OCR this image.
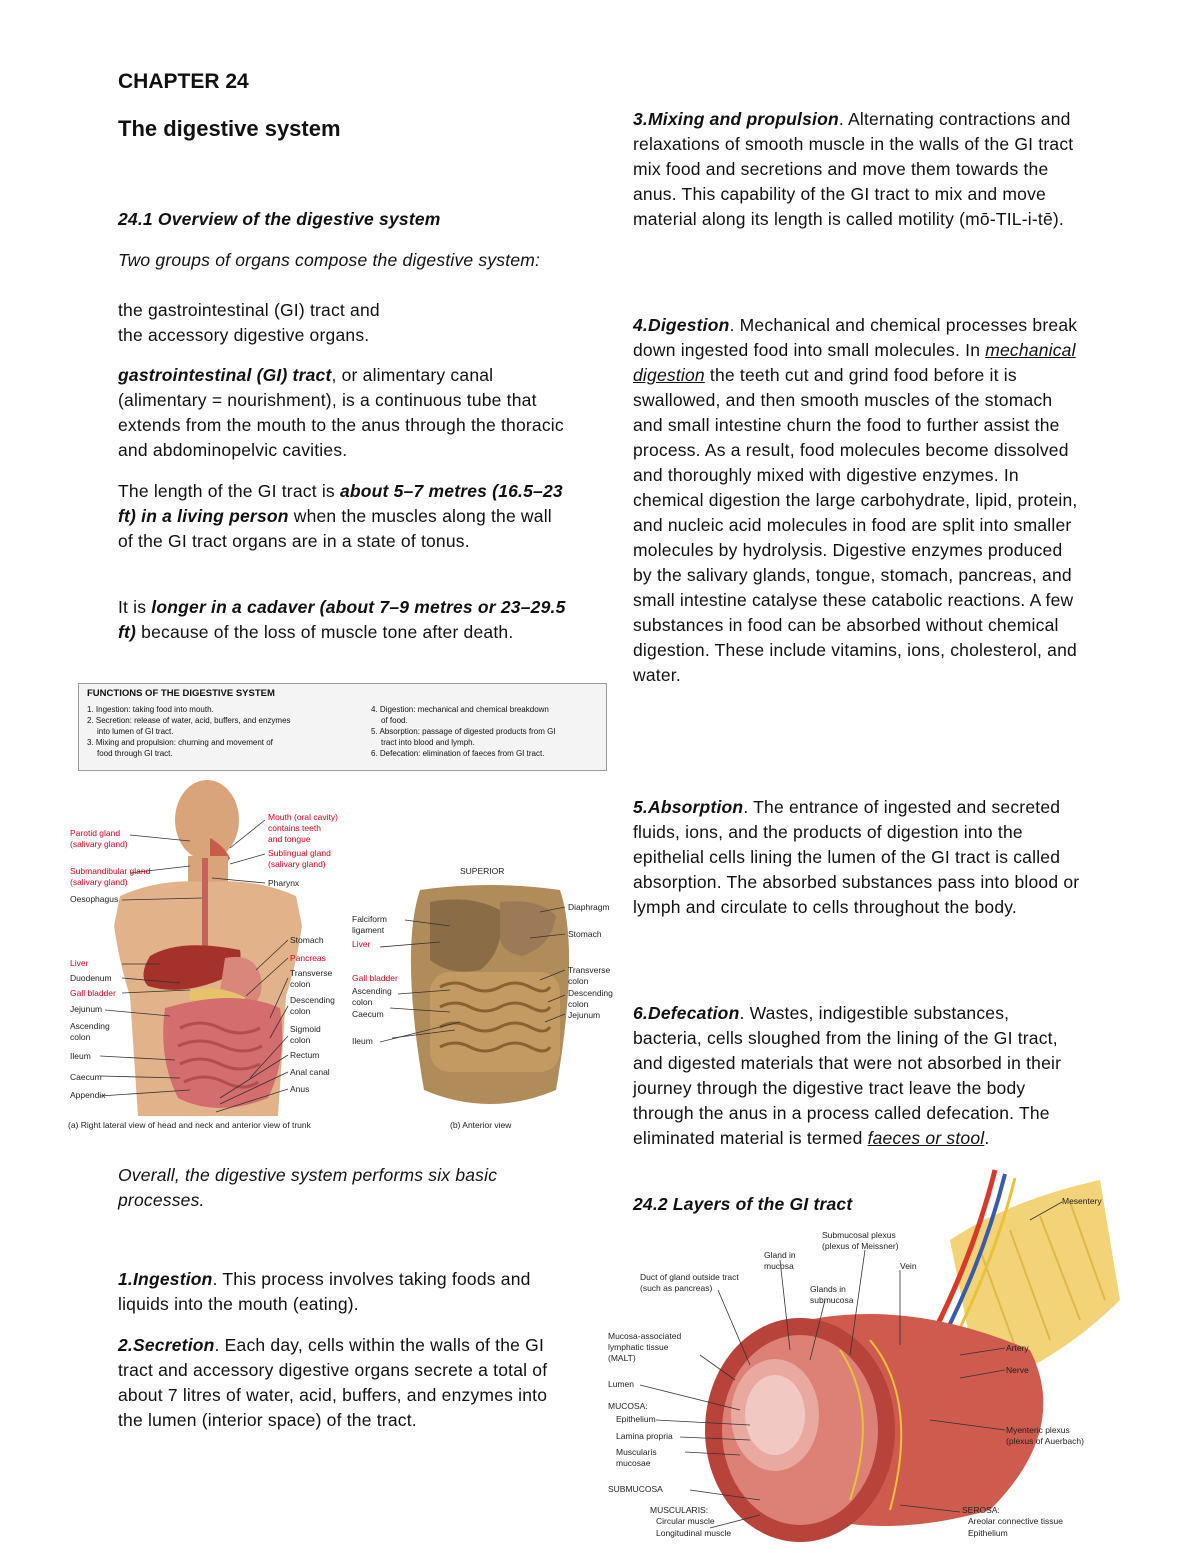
CHAPTER 24
The digestive system
24.1 Overview of the digestive system
Two groups of organs compose the digestive system:
the gastrointestinal (GI) tract and
the accessory digestive organs.
gastrointestinal (GI) tract, or alimentary canal (alimentary = nourishment), is a continuous tube that extends from the mouth to the anus through the thoracic and abdominopelvic cavities.
The length of the GI tract is about 5–7 metres (16.5–23 ft) in a living person when the muscles along the wall of the GI tract organs are in a state of tonus.
It is longer in a cadaver (about 7–9 metres or 23–29.5 ft) because of the loss of muscle tone after death.
FUNCTIONS OF THE DIGESTIVE SYSTEM
1. Ingestion: taking food into mouth.
2. Secretion: release of water, acid, buffers, and enzymes
into lumen of GI tract.
3. Mixing and propulsion: churning and movement of
food through GI tract.
4. Digestion: mechanical and chemical breakdown
of food.
5. Absorption: passage of digested products from GI
tract into blood and lymph.
6. Defecation: elimination of faeces from GI tract.
Parotid gland
(salivary gland)
Submandibular gland
(salivary gland)
Oesophagus
Liver
Duodenum
Gall bladder
Jejunum
Ascending
colon
Ileum
Caecum
Appendix
Mouth (oral cavity)
contains teeth
and tongue
Sublingual gland
(salivary gland)
Pharynx
Stomach
Pancreas
Transverse
colon
Descending
colon
Sigmoid
colon
Rectum
Anal canal
Anus
(a) Right lateral view of head and neck and anterior view of trunk
SUPERIOR
Falciform
ligament
Liver
Gall bladder
Ascending
colon
Caecum
Ileum
Diaphragm
Stomach
Transverse
colon
Descending
colon
Jejunum
(b) Anterior view
Overall, the digestive system performs six basic processes.
1.Ingestion. This process involves taking foods and liquids into the mouth (eating).
2.Secretion. Each day, cells within the walls of the GI tract and accessory digestive organs secrete a total of about 7 litres of water, acid, buffers, and enzymes into the lumen (interior space) of the tract.
3.Mixing and propulsion. Alternating contractions and relaxations of smooth muscle in the walls of the GI tract mix food and secretions and move them towards the anus. This capability of the GI tract to mix and move material along its length is called motility (mō-TIL-i-tē).
4.Digestion. Mechanical and chemical processes break down ingested food into small molecules. In mechanical digestion the teeth cut and grind food before it is swallowed, and then smooth muscles of the stomach and small intestine churn the food to further assist the process. As a result, food molecules become dissolved and thoroughly mixed with digestive enzymes. In chemical digestion the large carbohydrate, lipid, protein, and nucleic acid molecules in food are split into smaller molecules by hydrolysis. Digestive enzymes produced by the salivary glands, tongue, stomach, pancreas, and small intestine catalyse these catabolic reactions. A few substances in food can be absorbed without chemical digestion. These include vitamins, ions, cholesterol, and water.
5.Absorption. The entrance of ingested and secreted fluids, ions, and the products of digestion into the epithelial cells lining the lumen of the GI tract is called absorption. The absorbed substances pass into blood or lymph and circulate to cells throughout the body.
6.Defecation. Wastes, indigestible substances, bacteria, cells sloughed from the lining of the GI tract, and digested materials that were not absorbed in their journey through the digestive tract leave the body through the anus in a process called defecation. The eliminated material is termed faeces or stool.
24.2 Layers of the GI tract	Mesentery
Submucosal plexus
(plexus of Meissner)
Gland in
mucosa	Vein
Duct of gland outside tract
(such as pancreas)	Glands in
submucosa
Mucosa-associated
lymphatic tissue
(MALT)
Artery
Nerve
Lumen
MUCOSA:
Epithelium
Lamina propria
Muscularis
mucosae
Myenteric plexus
(plexus of Auerbach)
SUBMUCOSA
MUSCULARIS:
Circular muscle
Longitudinal muscle
SEROSA:
Areolar connective tissue
Epithelium
